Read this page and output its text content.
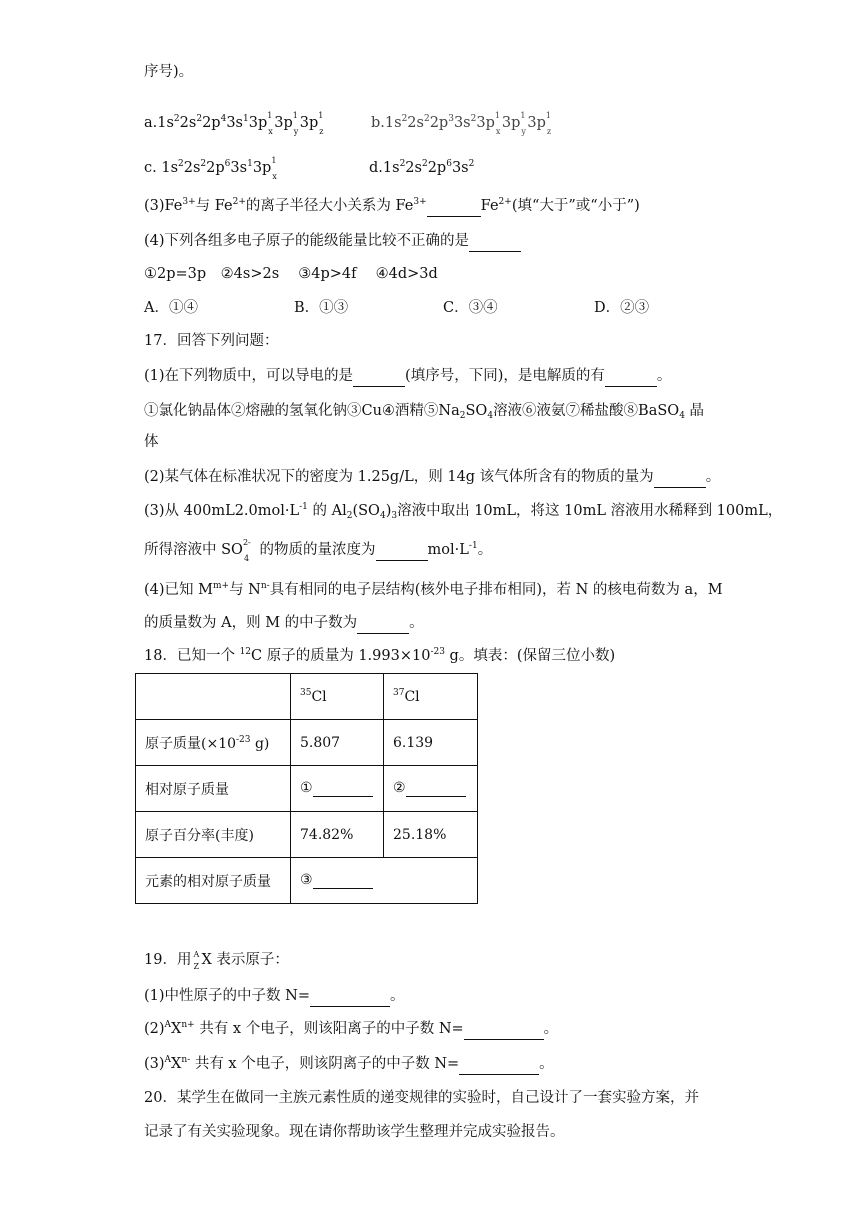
序号)。
$a.1s^22s^22p^43s^13p$ 1
x
3p 1
y
3p 1
z
$b.1s^22s^22p^33s^23p$ 1
x
3p 1
y
3p 1
z
c. $1s^22s^22p^63s^13p$ 1
x
$d.1s^22s^22p^63s^2$
$(3)Fe^{3+}$与 $Fe^{2+}$的离子半径大小关系为 $Fe^{3+}$	$Fe^{2+}$(填“大于”或“小于”)
(4)下列各组多电子原子的能级能量比较不正确的是
①2p=3p　②4s>2s　 ③4p>4f　 ④4d>3d
A．①④	B．①③	C．③④	D．②③
17．回答下列问题：
(1)在下列物质中，可以导电的是	(填序号，下同)，是电解质的有	。
①氯化钠晶体②熔融的氢氧化钠③Cu④酒精$⑤Na_2SO_4$溶液⑥液氨⑦稀盐酸⑧BaSO$_4$ 晶
体
(2)某气体在标准状况下的密度为 1.25g/L，则 14g 该气体所含有的物质的量为	。
(3)从 $400mL2.0mol\cdot L^{-1}$ 的 $Al_2(SO_4)_3$溶液中取出 10mL，将这 10mL 溶液用水稀释到 100mL，
所得溶液中 SO 2-
4
的物质的量浓度为	$mol\cdot L^{-1}$。
(4)已知 $M^{m+}$与 $N^{n-}$具有相同的电子层结构(核外电子排布相同)，若 N 的核电荷数为 a，M
的质量数为 A，则 M 的中子数为	。
18．已知一个 $^{12}$C 原子的质量为 $1.993\times 10^{-23}$ g。填表：(保留三位小数)
	$^{35}$Cl	$^{37}$Cl
原子质量($\times 10^{-23}$ g)	5.807	6.139
相对原子质量	①	②
原子百分率(丰度)	74.82%	25.18%
元素的相对原子质量	③	
19．用 A
Z X 表示原子：
(1)中性原子的中子数 N=	。
$(2)^AX^{n+}$ 共有 x 个电子，则该阳离子的中子数 N=	。
$(3)^AX^{n-}$ 共有 x 个电子，则该阴离子的中子数 N=	。
20．某学生在做同一主族元素性质的递变规律的实验时，自己设计了一套实验方案，并
记录了有关实验现象。现在请你帮助该学生整理并完成实验报告。
